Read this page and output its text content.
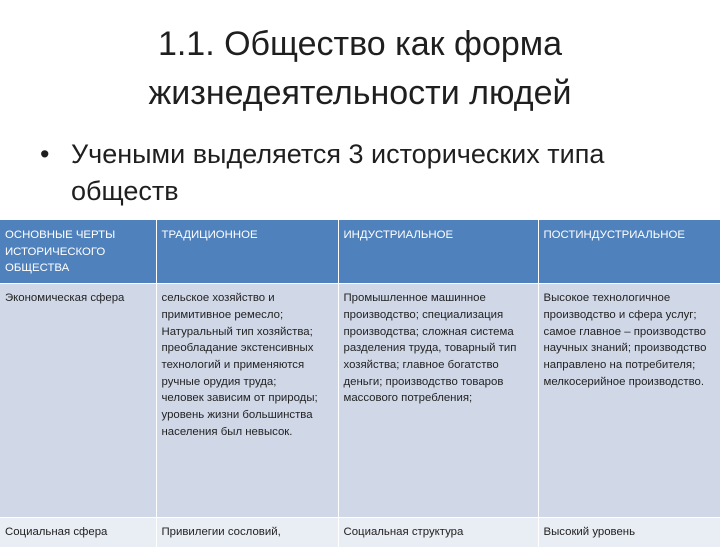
1.1. Общество как форма
жизнедеятельности людей
• Учеными выделяется 3 исторических типа обществ
ОСНОВНЫЕ ЧЕРТЫ ИСТОРИЧЕСКОГО ОБЩЕСТВА	ТРАДИЦИОННОЕ	ИНДУСТРИАЛЬНОЕ	ПОСТИНДУСТРИАЛЬНОЕ
Экономическая сфера	сельское хозяйство и примитивное ремесло;
Натуральный тип хозяйства;
преобладание экстенсивных технологий и применяются ручные орудия труда;
человек зависим от природы;
уровень жизни большинства населения был невысок.	Промышленное машинное производство; специализация производства; сложная система разделения труда, товарный тип хозяйства; главное богатство деньги; производство товаров массового потребления;	Высокое технологичное производство и сфера услуг; самое главное – производство научных знаний; производство направлено на потребителя; мелкосерийное производство.
Социальная сфера	Привилегии сословий,	Социальная структура	Высокий уровень
